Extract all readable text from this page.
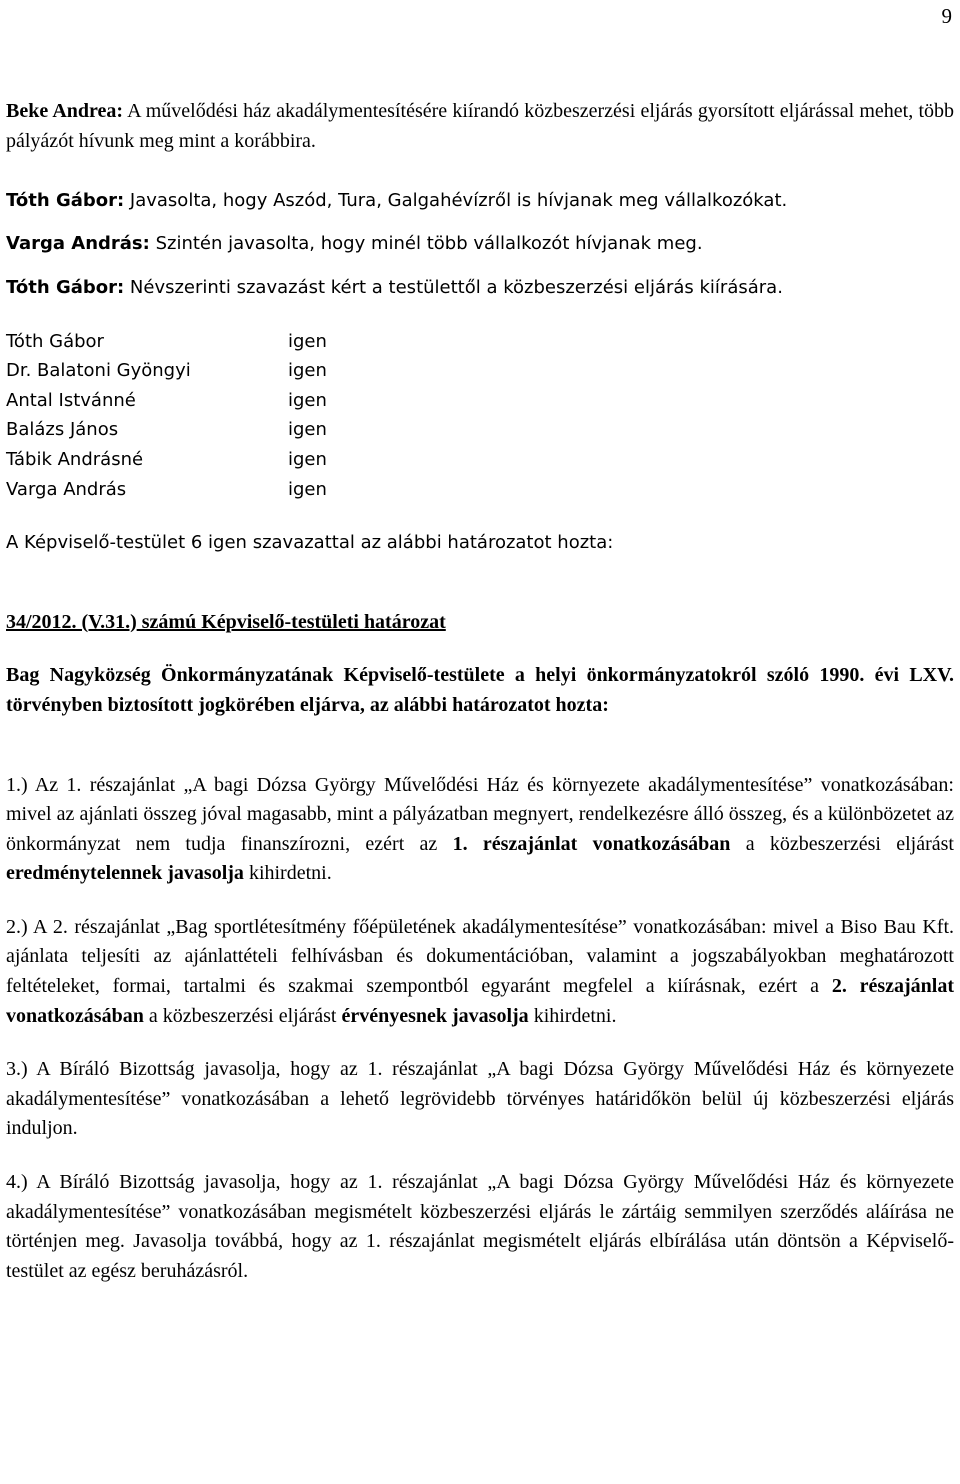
9

Beke Andrea: A művelődési ház akadálymentesítésére kiírandó közbeszerzési eljárás gyorsított eljárással mehet, több pályázót hívunk meg mint a korábbira.

Tóth Gábor: Javasolta, hogy Aszód, Tura, Galgahévízről is hívjanak meg vállalkozókat.

Varga András: Szintén javasolta, hogy minél több vállalkozót hívjanak meg.

Tóth Gábor: Névszerinti szavazást kért a testülettől a közbeszerzési eljárás kiírására.

Tóth Gábor	igen
Dr. Balatoni Gyöngyi	igen
Antal Istvánné	igen
Balázs János	igen
Tábik Andrásné	igen
Varga András	igen

A Képviselő-testület 6 igen szavazattal az alábbi határozatot hozta:

34/2012. (V.31.) számú Képviselő-testületi határozat

Bag Nagyközség Önkormányzatának Képviselő-testülete a helyi önkormányzatokról szóló 1990. évi LXV. törvényben biztosított jogkörében eljárva, az alábbi határozatot hozta:

1.) Az 1. részajánlat „A bagi Dózsa György Művelődési Ház és környezete akadálymentesítése” vonatkozásában: mivel az ajánlati összeg jóval magasabb, mint a pályázatban megnyert, rendelkezésre álló összeg, és a különbözetet az önkormányzat nem tudja finanszírozni, ezért az 1. részajánlat vonatkozásában a közbeszerzési eljárást eredménytelennek javasolja kihirdetni.

2.) A 2. részajánlat „Bag sportlétesítmény főépületének akadálymentesítése” vonatkozásában: mivel a Biso Bau Kft. ajánlata teljesíti az ajánlattételi felhívásban és dokumentációban, valamint a jogszabályokban meghatározott feltételeket, formai, tartalmi és szakmai szempontból egyaránt megfelel a kiírásnak, ezért a 2. részajánlat vonatkozásában a közbeszerzési eljárást érvényesnek javasolja kihirdetni.

3.) A Bíráló Bizottság javasolja, hogy az 1. részajánlat „A bagi Dózsa György Művelődési Ház és környezete akadálymentesítése” vonatkozásában a lehető legrövidebb törvényes határidőkön belül új közbeszerzési eljárás induljon.

4.) A Bíráló Bizottság javasolja, hogy az 1. részajánlat „A bagi Dózsa György Művelődési Ház és környezete akadálymentesítése” vonatkozásában megismételt közbeszerzési eljárás le zártáig semmilyen szerződés aláírása ne történjen meg. Javasolja továbbá, hogy az 1. részajánlat megismételt eljárás elbírálása után döntsön a Képviselő-testület az egész beruházásról.
